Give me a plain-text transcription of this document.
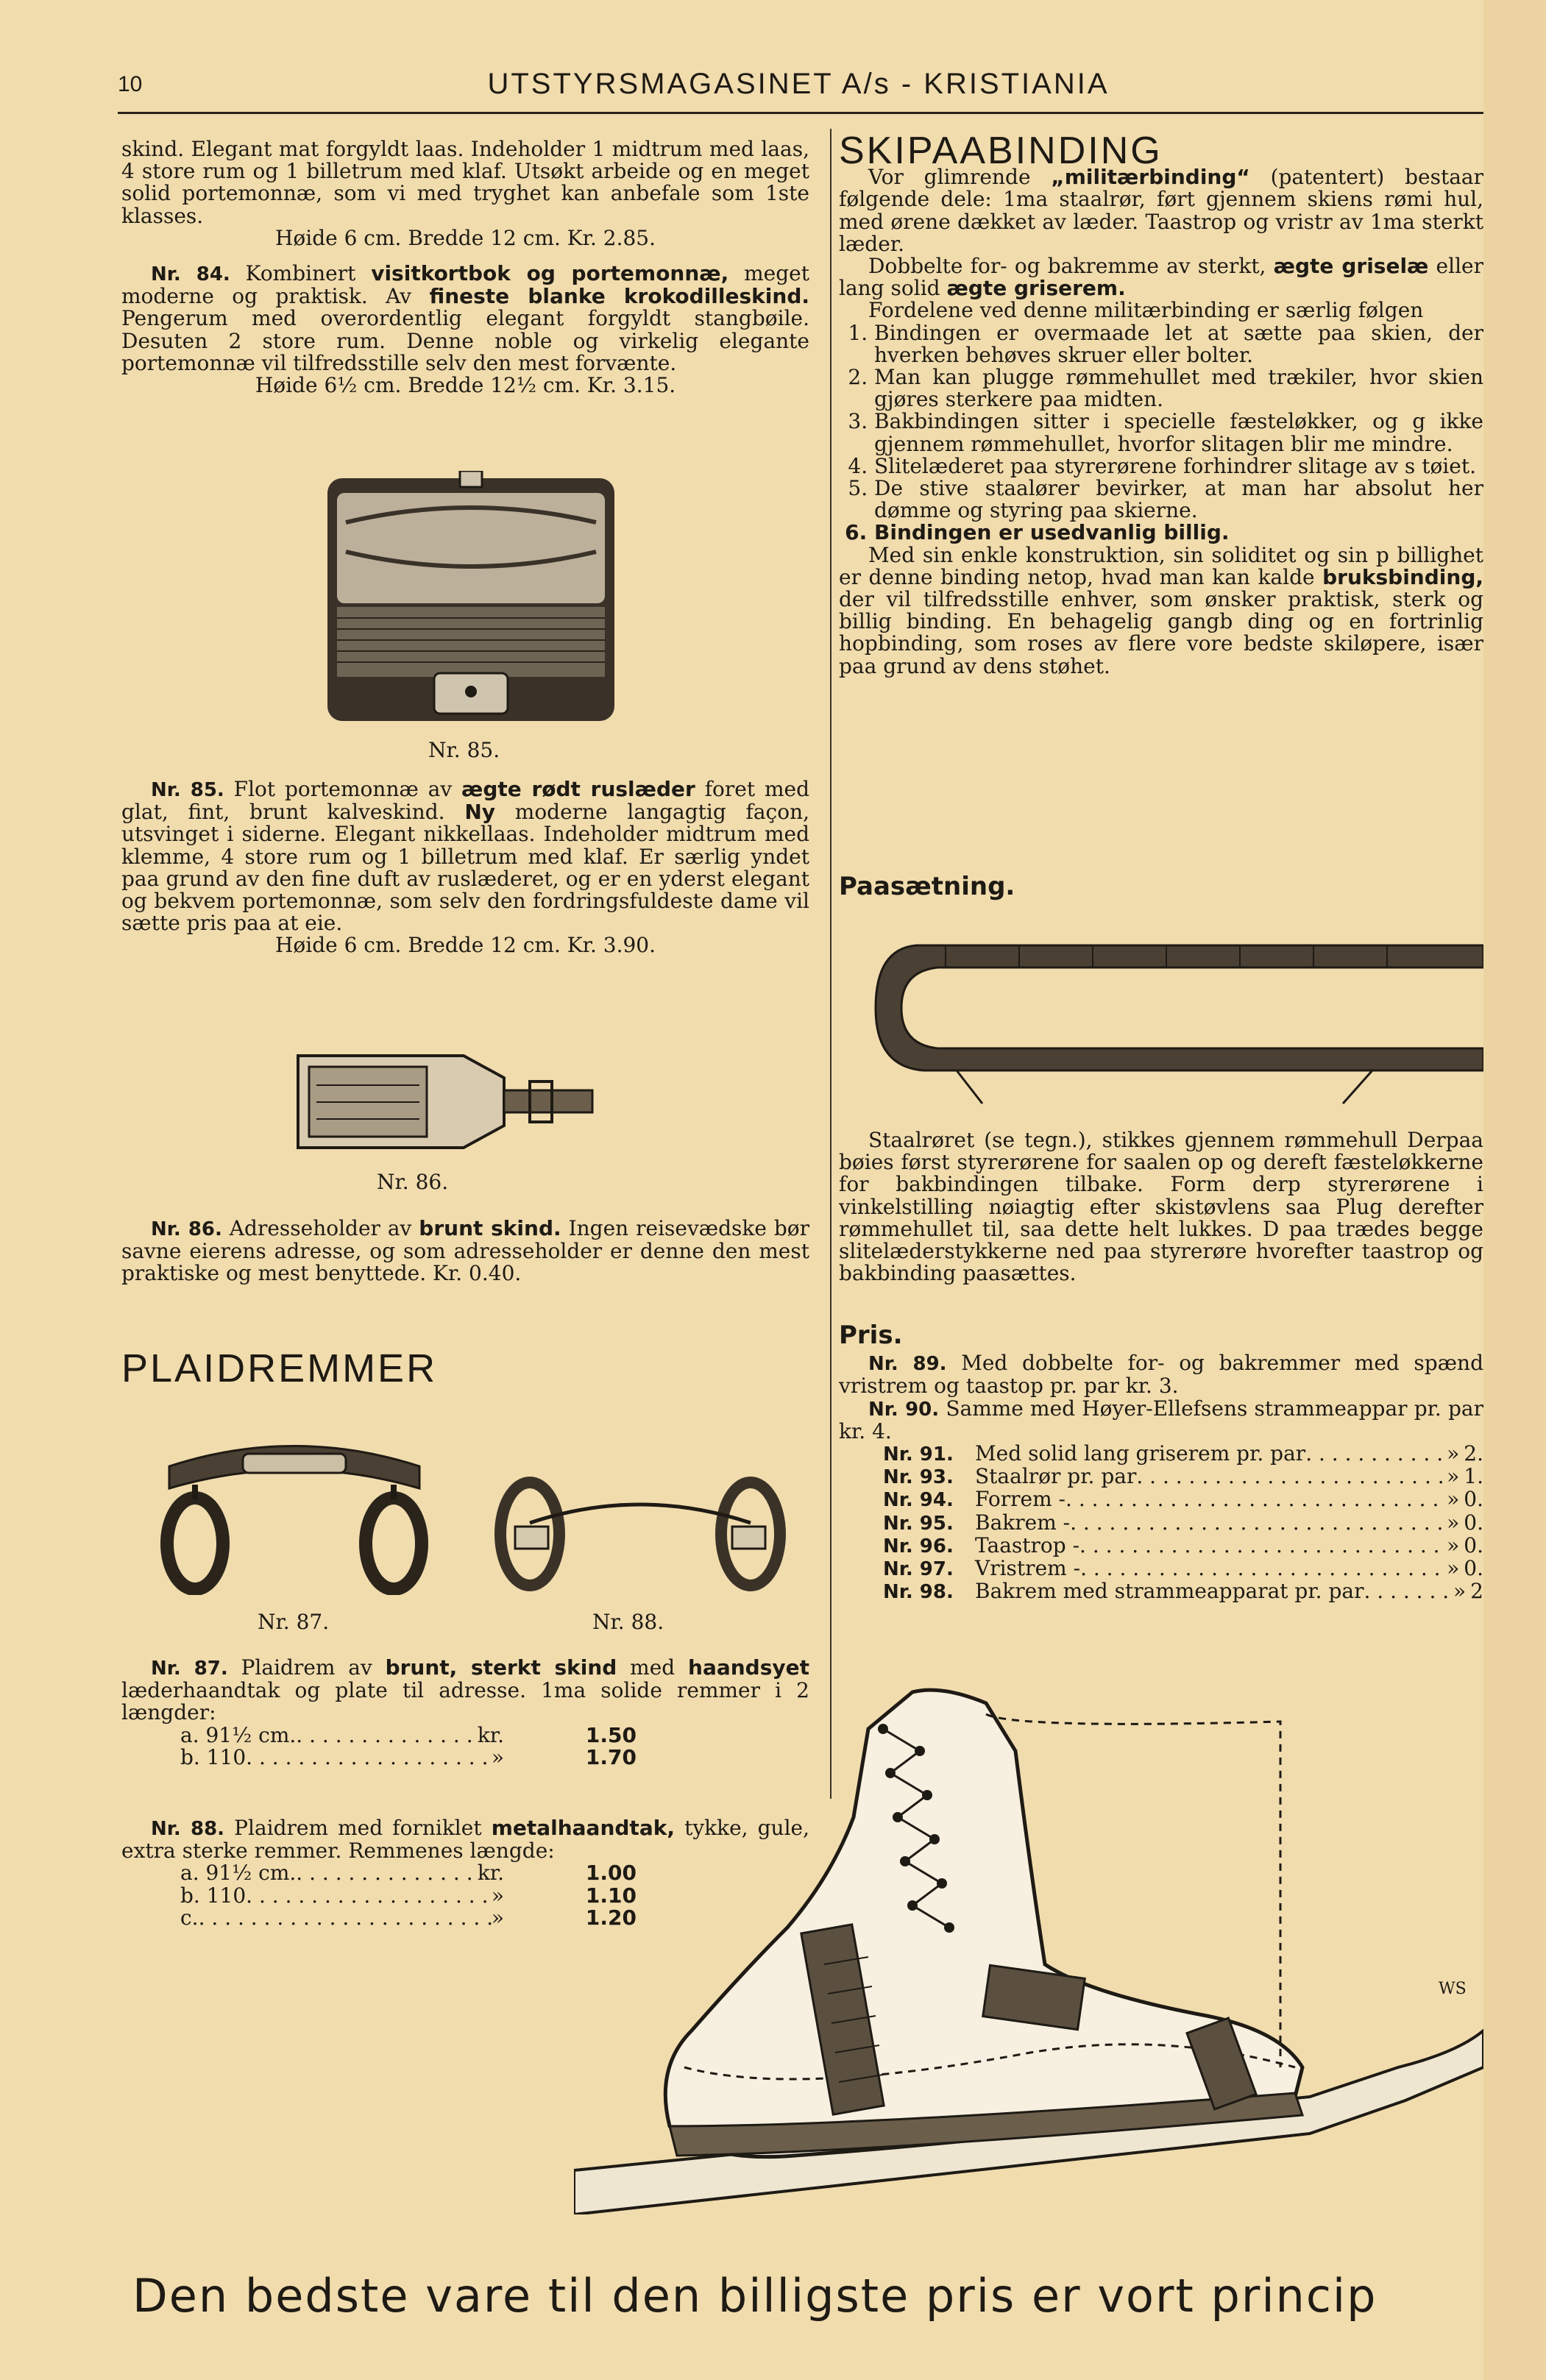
10	UTSTYRSMAGASINET A/s - KRISTIANIA

skind. Elegant mat forgyldt laas. Indeholder 1 midtrum med laas, 4 store rum og 1 billetrum med klaf. Utsøkt arbeide og en meget solid portemonnæ, som vi med tryghet kan anbefale som 1ste klasses.

Høide 6 cm. Bredde 12 cm. Kr. 2.85.

Nr. 84. Kombinert visitkortbok og portemonnæ, meget moderne og praktisk. Av fineste blanke krokodilleskind. Pengerum med overordentlig elegant forgyldt stangbøile. Desuten 2 store rum. Denne noble og virkelig elegante portemonnæ vil tilfredsstille selv den mest forvænte.

Høide 6½ cm. Bredde 12½ cm. Kr. 3.15.

Nr. 85.

Nr. 85. Flot portemonnæ av ægte rødt ruslæder foret med glat, fint, brunt kalveskind. Ny moderne langagtig façon, utsvinget i siderne. Elegant nikkellaas. Indeholder midtrum med klemme, 4 store rum og 1 billetrum med klaf. Er særlig yndet paa grund av den fine duft av ruslæderet, og er en yderst elegant og bekvem portemonnæ, som selv den fordringsfuldeste dame vil sætte pris paa at eie.

Høide 6 cm. Bredde 12 cm. Kr. 3.90.

Nr. 86.

Nr. 86. Adresseholder av brunt skind. Ingen reisevædske bør savne eierens adresse, og som adresseholder er denne den mest praktiske og mest benyttede. Kr. 0.40.

PLAIDREMMER

Nr. 87.	Nr. 88.

Nr. 87. Plaidrem av brunt, sterkt skind med haandsyet læderhaandtak og plate til adresse. 1ma solide remmer i 2 længder:

a. 91½ cm. . . .	kr.	1.50
b. 110 . . .	»	1.70

Nr. 88. Plaidrem med forniklet metalhaandtak, tykke, gule, extra sterke remmer. Remmenes længde:

a. 91½ cm. . . .	kr.	1.00
b. 110 . . .	»	1.10
c. . . .	»	1.20

SKIPAABINDING

Vor glimrende „militærbinding“ (patentert) bestaar følgende dele: 1ma staalrør, ført gjennem skiens rømi hul, med ørene dækket av læder. Taastrop og vristr av 1ma sterkt læder.

Dobbelte for- og bakremme av sterkt, ægte griselæ eller lang solid ægte griserem.

Fordelene ved denne militærbinding er særlig følgen

1. Bindingen er overmaade let at sætte paa skien, der hverken behøves skruer eller bolter.
2. Man kan plugge rømmehullet med trækiler, hvor skien gjøres sterkere paa midten.
3. Bakbindingen sitter i specielle fæsteløkker, og g ikke gjennem rømmehullet, hvorfor slitagen blir me mindre.
4. Slitelæderet paa styrerørene forhindrer slitage av s tøiet.
5. De stive staalører bevirker, at man har absolut her dømme og styring paa skierne.
6. Bindingen er usedvanlig billig.

Med sin enkle konstruktion, sin soliditet og sin p billighet er denne binding netop, hvad man kan kalde bruksbinding, der vil tilfredsstille enhver, som ønsker praktisk, sterk og billig binding. En behagelig gangb ding og en fortrinlig hopbinding, som roses av flere vore bedste skiløpere, især paa grund av dens støhet.

Paasætning.

Staalrøret (se tegn.), stikkes gjennem rømmehull Derpaa bøies først styrerørene for saalen op og dereft fæsteløkkerne for bakbindingen tilbake. Form derp styrerørene i vinkelstilling nøiagtig efter skistøvlens saa Plug derefter rømmehullet til, saa dette helt lukkes. D paa trædes begge slitelæderstykkerne ned paa styrerøre hvorefter taastrop og bakbinding paasættes.

Pris.

Nr. 89. Med dobbelte for- og bakremmer med spænd vristrem og taastop pr. par kr. 3.

Nr. 90. Samme med Høyer-Ellefsens strammeappar pr. par kr. 4.

Nr. 91.	Med solid lang griserem pr. par . . .	» 2.
Nr. 93.	Staalrør pr. par . . .	» 1.
Nr. 94.	Forrem - . . .	» 0.
Nr. 95.	Bakrem - . . .	» 0.
Nr. 96.	Taastrop - . . .	» 0.
Nr. 97.	Vristrem - . . .	» 0.
Nr. 98.	Bakrem med strammeapparat pr. par . . .	» 2
WS
Den bedste vare til den billigste pris er vort princip
